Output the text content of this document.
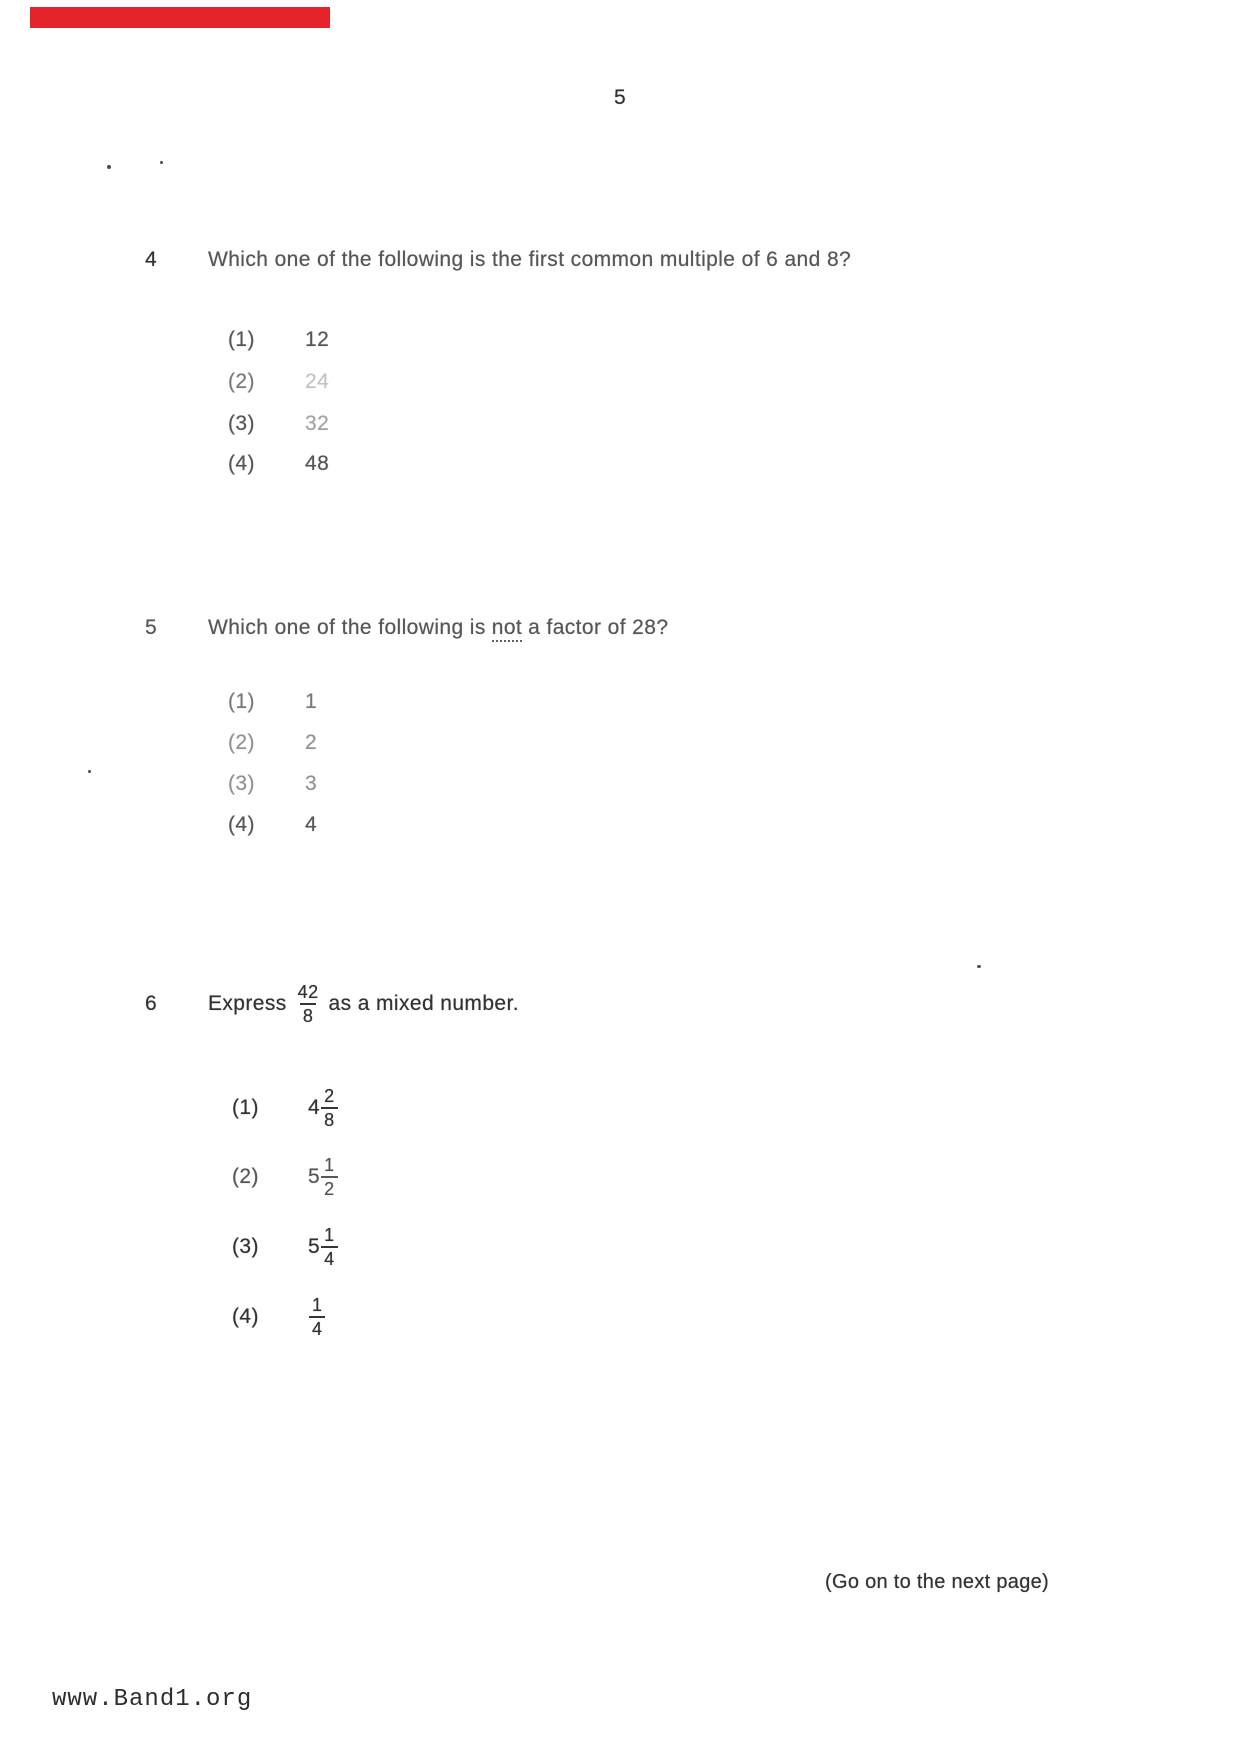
5
4 Which one of the following is the first common multiple of 6 and 8?
(1)	12
(2)	24
(3)	32
(4)	48
5 Which one of the following is not a factor of 28?
(1)	1
(2)	2
(3)	3
(4)	4
6	Express $\frac{42}{8}$ as a mixed number.
(1)	$4 \frac{2}{8}$
(2)	$5 \frac{1}{2}$
(3)	$5 \frac{1}{4}$
(4)	$\frac{1}{4}$
(Go on to the next page)
www.Band1.org
